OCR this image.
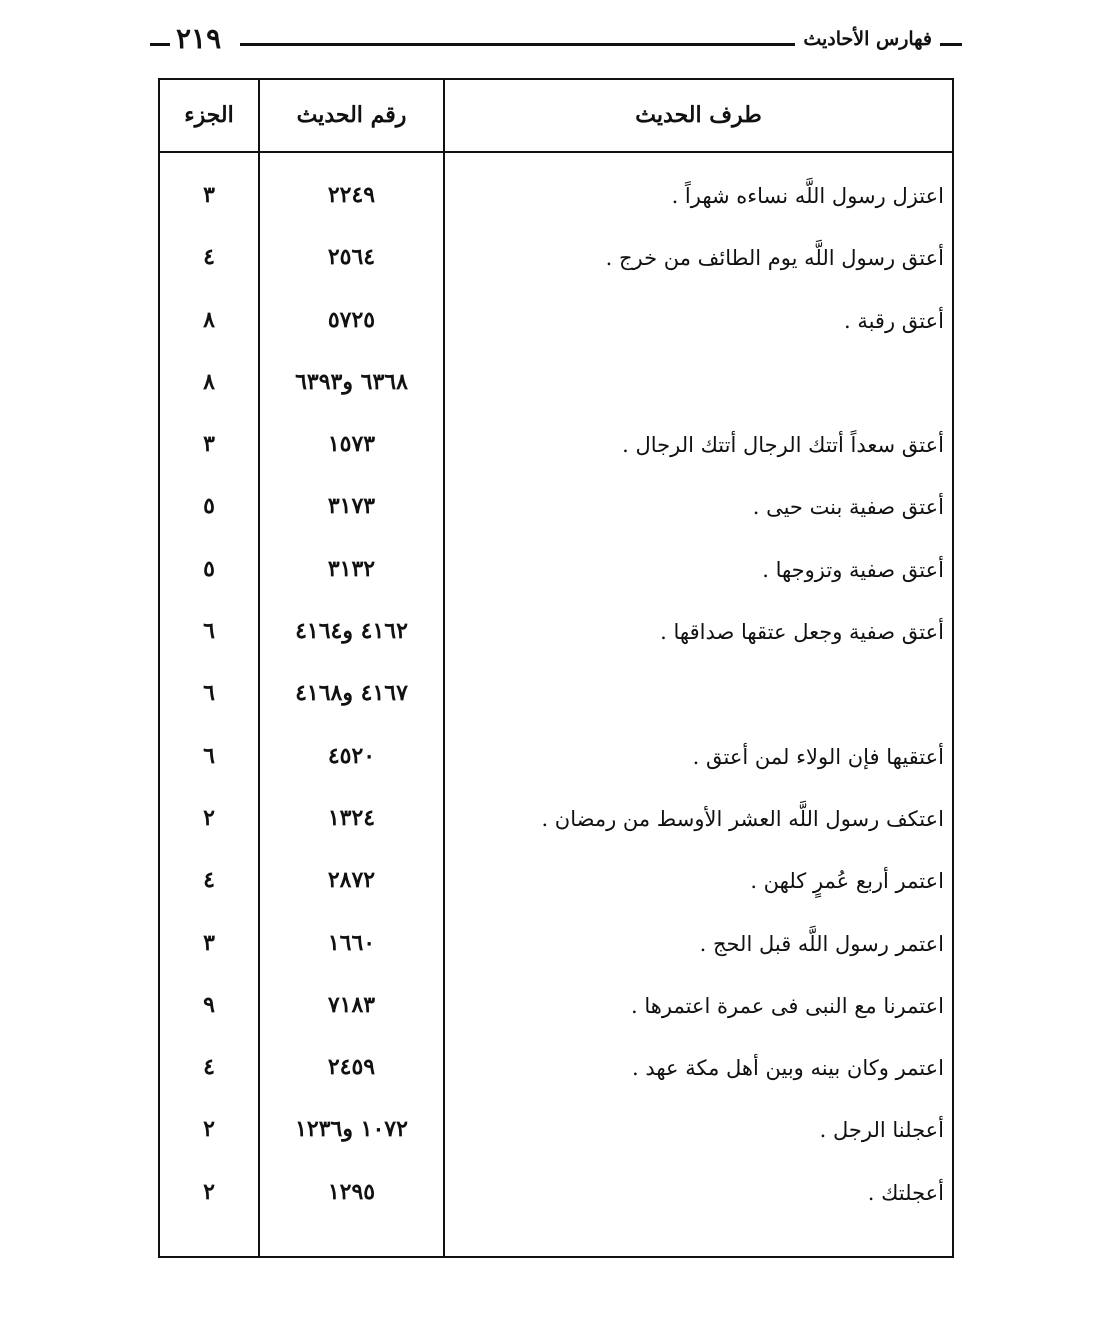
فهارس الأحاديث
٢١٩
طرف الحديث
رقم الحديث
الجزء
اعتزل رسول اللَّه نساءه شهراً .
٢٢٤٩
٣
أعتق رسول اللَّه يوم الطائف من خرج .
٢٥٦٤
٤
أعتق رقبة .
٥٧٢٥
٨
٦٣٦٨ و٦٣٩٣
٨
أعتق سعداً أتتك الرجال أتتك الرجال .
١٥٧٣
٣
أعتق صفية بنت حيى .
٣١٧٣
٥
أعتق صفية وتزوجها .
٣١٣٢
٥
أعتق صفية وجعل عتقها صداقها .
٤١٦٢ و٤١٦٤
٦
٤١٦٧ و٤١٦٨
٦
أعتقيها فإن الولاء لمن أعتق .
٤٥٢٠
٦
اعتكف رسول اللَّه العشر الأوسط من رمضان .
١٣٢٤
٢
اعتمر أربع عُمرٍ كلهن .
٢٨٧٢
٤
اعتمر رسول اللَّه قبل الحج .
١٦٦٠
٣
اعتمرنا مع النبى فى عمرة اعتمرها .
٧١٨٣
٩
اعتمر وكان بينه وبين أهل مكة عهد .
٢٤٥٩
٤
أعجلنا الرجل .
١٠٧٢ و١٢٣٦
٢
أعجلتك .
١٢٩٥
٢
